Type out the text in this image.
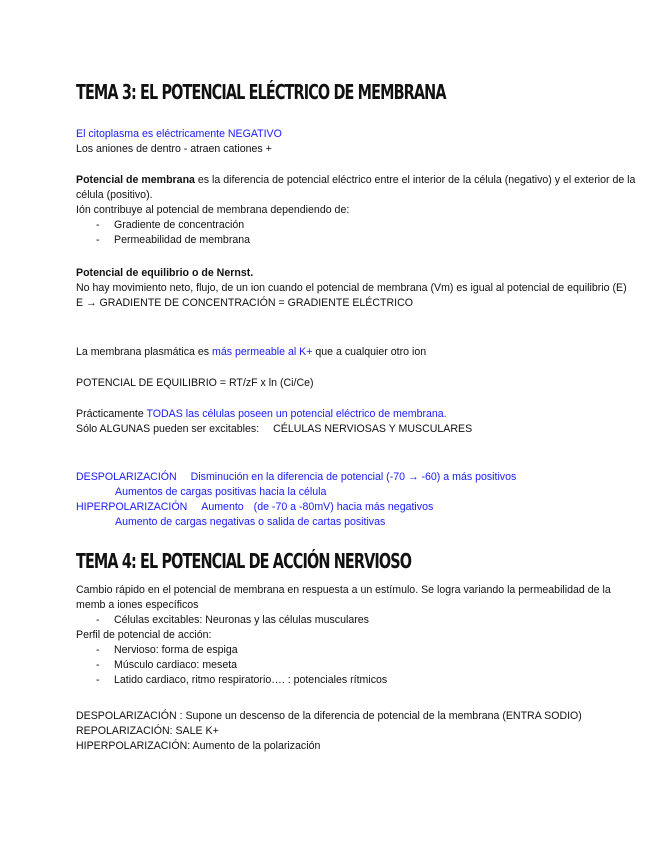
TEMA 3: EL POTENCIAL ELÉCTRICO DE MEMBRANA
El citoplasma es eléctricamente NEGATIVO
Los aniones de dentro - atraen cationes +
Potencial de membrana es la diferencia de potencial eléctrico entre el interior de la célula (negativo) y el exterior de la célula (positivo).
Ión contribuye al potencial de membrana dependiendo de:
- Gradiente de concentración
- Permeabilidad de membrana
Potencial de equilibrio o de Nernst.
No hay movimiento neto, flujo, de un ion cuando el potencial de membrana (Vm) es igual al potencial de equilibrio (E)
E → GRADIENTE DE CONCENTRACIÓN = GRADIENTE ELÉCTRICO
La membrana plasmática es más permeable al K+ que a cualquier otro ion
POTENCIAL DE EQUILIBRIO = RT/zF x ln (Ci/Ce)
Prácticamente TODAS las células poseen un potencial eléctrico de membrana.
Sólo ALGUNAS pueden ser excitables: CÉLULAS NERVIOSAS Y MUSCULARES
DESPOLARIZACIÓN Disminución en la diferencia de potencial (-70 → -60) a más positivos
Aumentos de cargas positivas hacia la célula
HIPERPOLARIZACIÓN Aumento (de -70 a -80mV) hacia más negativos
Aumento de cargas negativas o salida de cartas positivas
TEMA 4: EL POTENCIAL DE ACCIÓN NERVIOSO
Cambio rápido en el potencial de membrana en respuesta a un estímulo. Se logra variando la permeabilidad de la memb a iones específicos
- Células excitables: Neuronas y las células musculares
Perfil de potencial de acción:
- Nervioso: forma de espiga
- Músculo cardiaco: meseta
- Latido cardiaco, ritmo respiratorio…. : potenciales rítmicos
DESPOLARIZACIÓN : Supone un descenso de la diferencia de potencial de la membrana (ENTRA SODIO)
REPOLARIZACIÓN: SALE K+
HIPERPOLARIZACIÓN: Aumento de la polarización
